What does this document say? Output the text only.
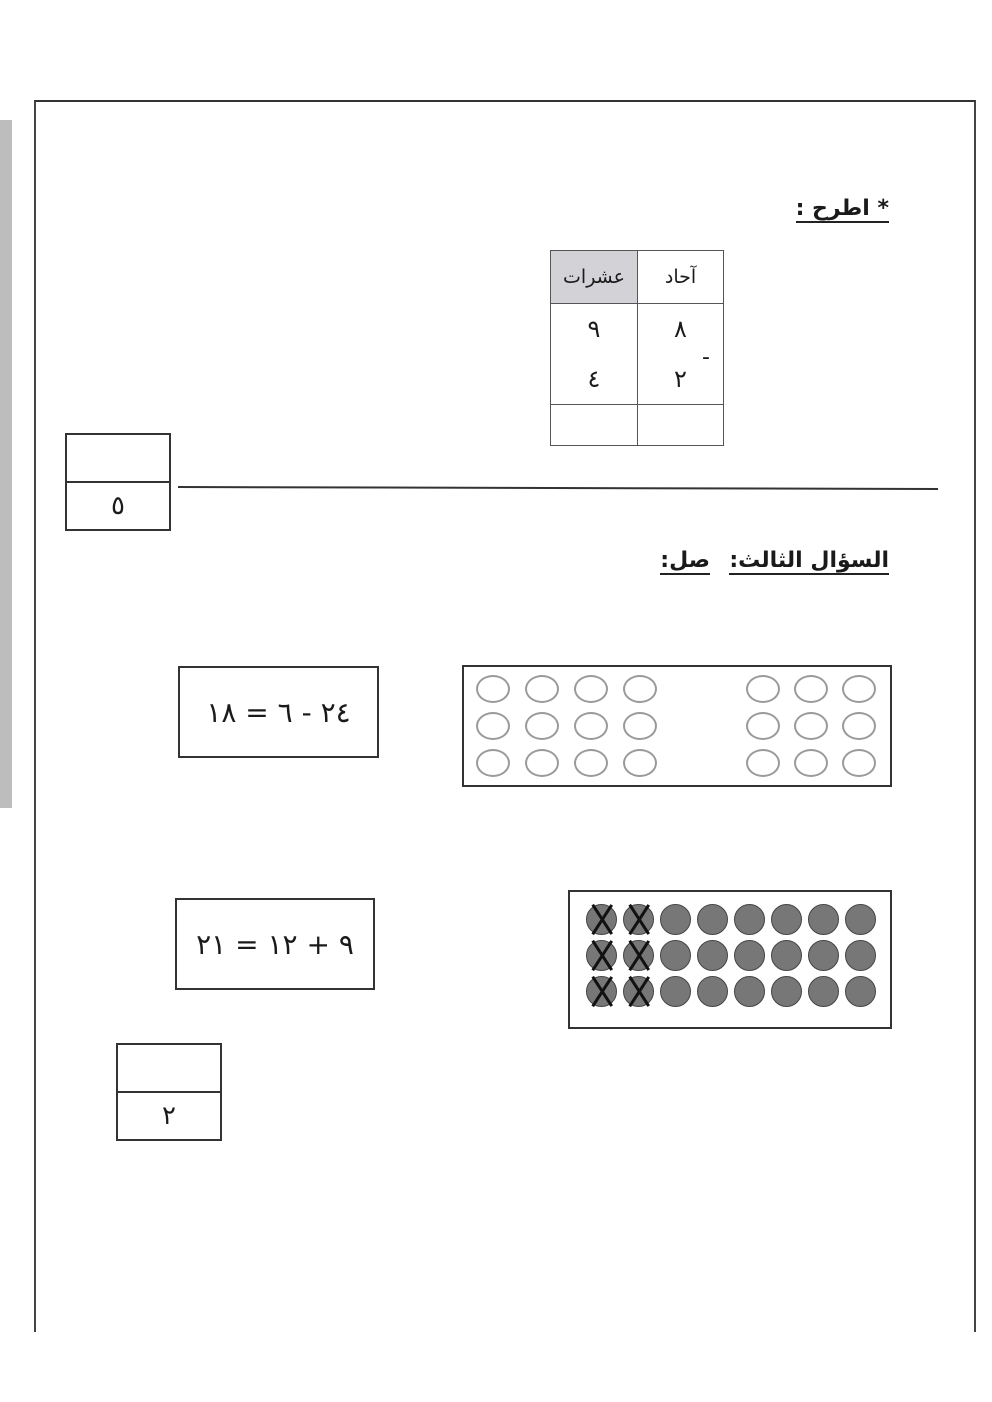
* اطرح :
آحاد	عشرات
٨	٩
٢	٤

-
٥
السؤال الثالث:
صل:
٢٤ - ٦ = ١٨
٩ + ١٢ = ٢١
٢
